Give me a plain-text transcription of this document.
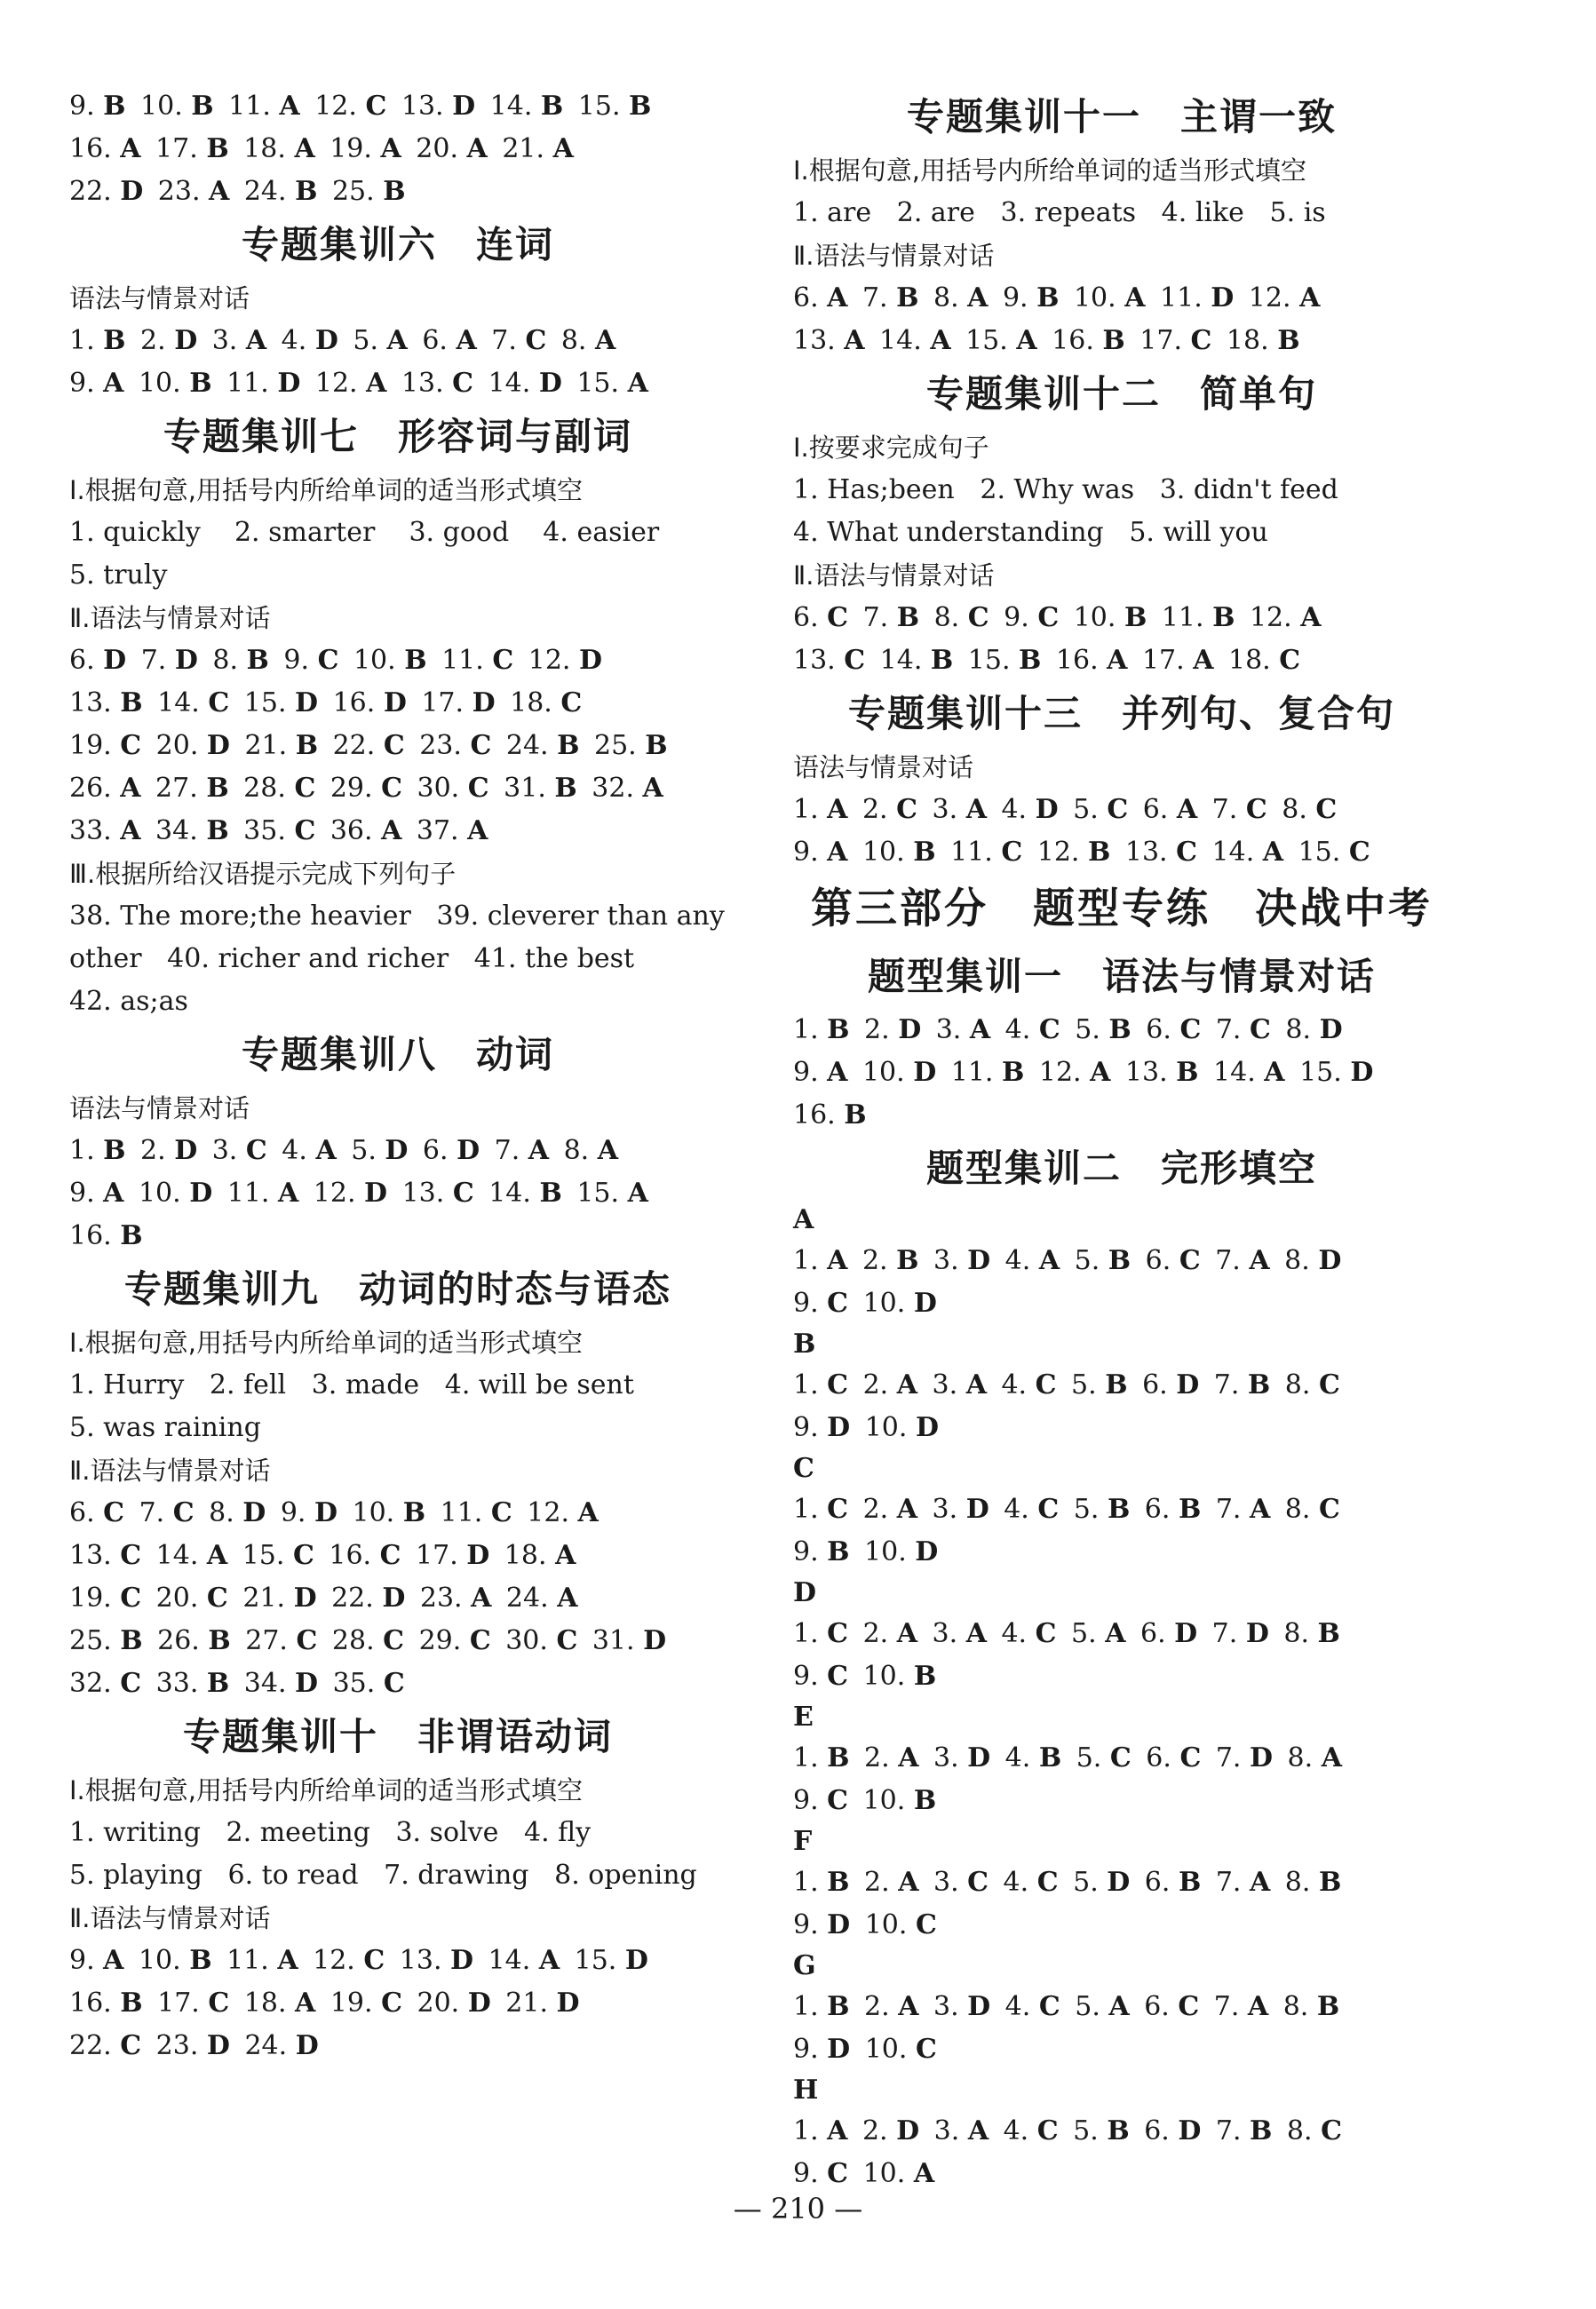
9. B 10. B 11. A 12. C 13. D 14. B 15. B
16. A 17. B 18. A 19. A 20. A 21. A
22. D 23. A 24. B 25. B
专题集训六　连词
语法与情景对话
1. B 2. D 3. A 4. D 5. A 6. A 7. C 8. A
9. A 10. B 11. D 12. A 13. C 14. D 15. A
专题集训七　形容词与副词
Ⅰ.根据句意,用括号内所给单词的适当形式填空
1. quickly    2. smarter    3. good    4. easier
5. truly
Ⅱ.语法与情景对话
6. D 7. D 8. B 9. C 10. B 11. C 12. D
13. B 14. C 15. D 16. D 17. D 18. C
19. C 20. D 21. B 22. C 23. C 24. B 25. B
26. A 27. B 28. C 29. C 30. C 31. B 32. A
33. A 34. B 35. C 36. A 37. A
Ⅲ.根据所给汉语提示完成下列句子
38. The more;the heavier   39. cleverer than any
other   40. richer and richer   41. the best
42. as;as
专题集训八　动词
语法与情景对话
1. B 2. D 3. C 4. A 5. D 6. D 7. A 8. A
9. A 10. D 11. A 12. D 13. C 14. B 15. A
16. B
专题集训九　动词的时态与语态
Ⅰ.根据句意,用括号内所给单词的适当形式填空
1. Hurry   2. fell   3. made   4. will be sent
5. was raining
Ⅱ.语法与情景对话
6. C 7. C 8. D 9. D 10. B 11. C 12. A
13. C 14. A 15. C 16. C 17. D 18. A
19. C 20. C 21. D 22. D 23. A 24. A
25. B 26. B 27. C 28. C 29. C 30. C 31. D
32. C 33. B 34. D 35. C
专题集训十　非谓语动词
Ⅰ.根据句意,用括号内所给单词的适当形式填空
1. writing   2. meeting   3. solve   4. fly
5. playing   6. to read   7. drawing   8. opening
Ⅱ.语法与情景对话
9. A 10. B 11. A 12. C 13. D 14. A 15. D
16. B 17. C 18. A 19. C 20. D 21. D
22. C 23. D 24. D
专题集训十一　主谓一致
Ⅰ.根据句意,用括号内所给单词的适当形式填空
1. are   2. are   3. repeats   4. like   5. is
Ⅱ.语法与情景对话
6. A 7. B 8. A 9. B 10. A 11. D 12. A
13. A 14. A 15. A 16. B 17. C 18. B
专题集训十二　简单句
Ⅰ.按要求完成句子
1. Has;been   2. Why was   3. didn't feed
4. What understanding   5. will you
Ⅱ.语法与情景对话
6. C 7. B 8. C 9. C 10. B 11. B 12. A
13. C 14. B 15. B 16. A 17. A 18. C
专题集训十三　并列句、复合句
语法与情景对话
1. A 2. C 3. A 4. D 5. C 6. A 7. C 8. C
9. A 10. B 11. C 12. B 13. C 14. A 15. C
第三部分　题型专练　决战中考
题型集训一　语法与情景对话
1. B 2. D 3. A 4. C 5. B 6. C 7. C 8. D
9. A 10. D 11. B 12. A 13. B 14. A 15. D
16. B
题型集训二　完形填空
A
1. A 2. B 3. D 4. A 5. B 6. C 7. A 8. D
9. C 10. D
B
1. C 2. A 3. A 4. C 5. B 6. D 7. B 8. C
9. D 10. D
C
1. C 2. A 3. D 4. C 5. B 6. B 7. A 8. C
9. B 10. D
D
1. C 2. A 3. A 4. C 5. A 6. D 7. D 8. B
9. C 10. B
E
1. B 2. A 3. D 4. B 5. C 6. C 7. D 8. A
9. C 10. B
F
1. B 2. A 3. C 4. C 5. D 6. B 7. A 8. B
9. D 10. C
G
1. B 2. A 3. D 4. C 5. A 6. C 7. A 8. B
9. D 10. C
H
1. A 2. D 3. A 4. C 5. B 6. D 7. B 8. C
9. C 10. A
— 210 —
